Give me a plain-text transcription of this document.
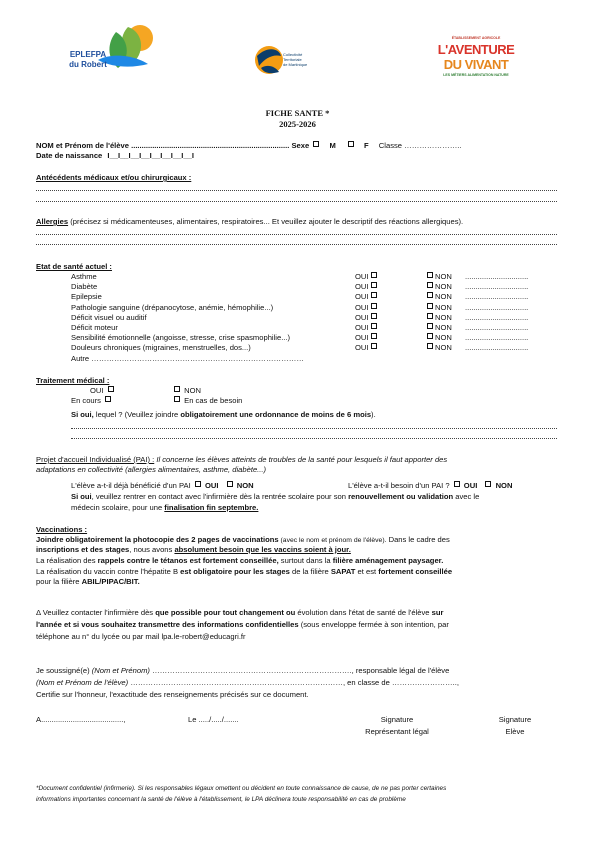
EPLEFPA
du Robert
Collectivité
Territoriale
de Martinique
ÉTABLISSEMENT AGRICOLE
L'AVENTURE
DU VIVANT
LES MÉTIERS ALIMENTATION NATURE
FICHE SANTE *
2025-2026
NOM et Prénom de l'élève ........................................................................... Sexe	M	F Classe …………………..
Date de naissance I__I__I__I__I__I__I__I__I
Antécédents médicaux et/ou chirurgicaux :
Allergies (précisez si médicamenteuses, alimentaires, respiratoires... Et veuillez ajouter le descriptif des réactions allergiques).
Etat de santé actuel :
Asthme	OUI	NON ..............................
Diabète	OUI	NON ..............................
Epilepsie	OUI	NON ..............................
Pathologie sanguine (drépanocytose, anémie, hémophilie...)	OUI	NON ..............................
Déficit visuel ou auditif	OUI	NON ..............................
Déficit moteur	OUI	NON ..............................
Sensibilité émotionnelle (angoisse, stresse, crise spasmophilie...)	OUI	NON ..............................
Douleurs chroniques (migraines, menstruelles, dos...)	OUI	NON ..............................
Autre …………………………………………………………………………
Traitement médical :
OUI	NON
En cours	En cas de besoin
Si oui, lequel ? (Veuillez joindre obligatoirement une ordonnance de moins de 6 mois).
Projet d'accueil Individualisé (PAI) : Il concerne les élèves atteints de troubles de la santé pour lesquels il faut apporter des
adaptations en collectivité (allergies alimentaires, asthme, diabète...)
L'élève a-t-il déjà bénéficié d'un PAI OUI NON	L'élève a-t-il besoin d'un PAI ? OUI NON
Si oui, veuillez rentrer en contact avec l'infirmière dès la rentrée scolaire pour son renouvellement ou validation avec le
médecin scolaire, pour une finalisation fin septembre.
Vaccinations :
Joindre obligatoirement la photocopie des 2 pages de vaccinations (avec le nom et prénom de l'élève). Dans le cadre des
inscriptions et des stages, nous avons absolument besoin que les vaccins soient à jour.
La réalisation des rappels contre le tétanos est fortement conseillée, surtout dans la filière aménagement paysager.
La réalisation du vaccin contre l'hépatite B est obligatoire pour les stages de la filière SAPAT et est fortement conseillée
pour la filière ABIL/PIPAC/BIT.
Δ Veuillez contacter l'infirmière dès que possible pour tout changement ou évolution dans l'état de santé de l'élève sur
l'année et si vous souhaitez transmettre des informations confidentielles (sous enveloppe fermée à son intention, par
téléphone au n° du lycée ou par mail lpa.le-robert@educagri.fr
Je soussigné(e) (Nom et Prénom) ……………………………………………………………………., responsable légal de l'élève
(Nom et Prénom de l'élève) …………………………………………………………………………, en classe de ……………………..,
Certifie sur l'honneur, l'exactitude des renseignements précisés sur ce document.
A.......................................,	Le ...../...../.......	Signature
Représentant légal
Signature
Elève
*Document confidentiel (infirmerie). Si les responsables légaux omettent ou décident en toute connaissance de cause, de ne pas porter certaines
informations importantes concernant la santé de l'élève à l'établissement, le LPA déclinera toute responsabilité en cas de problème
